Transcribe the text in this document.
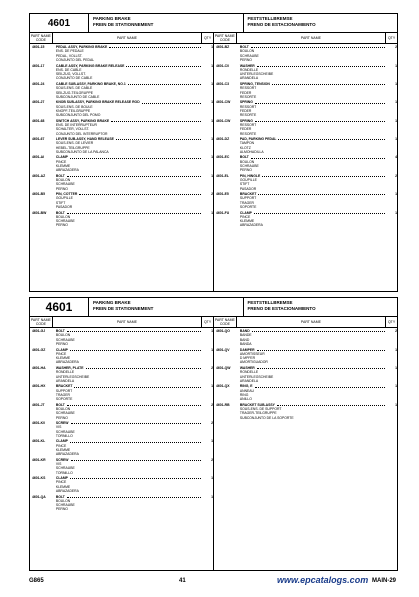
4601	PARKING BRAKE
FREIN DE STATIONNEMENT
FESTSTELLBREMSE
FRENO DE ESTACIONAMIENTO
PART NAME CODE	PART NAME	QTY	PART NAME CODE	PART NAME	QTY
4601-15	PEDAL ASSY, PARKING BRAKE
ENS. DE PEDALE
PEDAL, VOLLST.
CONJUNTO DEL PEDAL
1
4601-17	CABLE ASSY, PARKING BRAKE RELEASE
ENS. DE CABLE
SEILZUG, VOLLST.
CONJUNTO DE CABLE
1
4601-24	CABLE SUB-ASSY, PARKING BRAKE, NO.1
SOUS-ENS. DE CABLE
SEILZUG-TEILGRUPPE
SUBCONJUNTO DE CABLE
1
4601-27	KNOB SUB-ASSY, PARKING BRAKE RELEASE ROD
SOUS-ENS. DE BOULE
KNOPF-TEILGRUPPE
SUBCONJUNTO DEL POMO
1
4601-68	SWITCH ASSY, PARKING BRAKE
ENS. DE INTERRUPTEUR
SCHALTER, VOLLST.
CONJUNTO DEL INTERRUPTOR
1
4601-67	LEVER SUB-ASSY, HAND RELEASE
SOUS-ENS. DE LEVIER
HEBEL-TEILGRUPPE
SUBCONJUNTO DE LA PALANCA
1
4601-AI	CLAMP
PINCE
KLEMME
ABRAZADERA
1
4601-AZ	BOLT
BOULON
SCHRAUBE
PERNO
1
4601-B5	PIN, COTTER
GOUPILLE
STIFT
PASADOR
2
4601-BW	BOLT
BOULON
SCHRAUBE
PERNO
1
4601-BZ	BOLT
BOULON
SCHRAUBE
PERNO
2
4601-C0	WASHER
RONDELLE
UNTERLEGSCHEIBE
ARANDELA
1
4601-C3	SPRING, TENSION
RESSORT
FEDER
RESORTE
1
4601-CW	SPRING
RESSORT
FEDER
RESORTE
1
4601-CW	SPRING
RESSORT
FEDER
RESORTE
1
4601-DZ	PAD, PARKING PEDAL
TAMPON
KLOTZ
ALMOHADILLA
1
4601-EC	BOLT
BOULON
SCHRAUBE
PERNO
4
4601-EL	PIN, HINGLE
GOUPILLE
STIFT
PASADOR
2
4601-E5	BRACKET
SUPPORT
TRAGER
SOPORTE
1
4601-FU	CLAMP
PINCE
KLEMME
ABRAZADERA
1
4601	PARKING BRAKE
FREIN DE STATIONNEMENT
FESTSTELLBREMSE
FRENO DE ESTACIONAMIENTO
PART NAME CODE	PART NAME	QTY	PART NAME CODE	PART NAME	QTY
4601-GJ	BOLT
BOULON
SCHRAUBE
PERNO
1
4601-GZ	CLAMP
PINCE
KLEMME
ABRAZADERA
1
4601-HA	WASHER, PLATE
RONDELLE
UNTERLEGSCHEIBE
ARANDELA
2
4601-HX	BRACKET
SUPPORT
TRAGER
SOPORTE
1
4601-JT	BOLT
BOULON
SCHRAUBE
PERNO
2
4601-K0	SCREW
VIS
SCHRAUBE
TORNILLO
2
4601-KL	CLAMP
PINCE
KLEMME
ABRAZADERA
1
4601-KR	SCREW
VIS
SCHRAUBE
TORNILLO
2
4601-KS	CLAMP
PINCE
KLEMME
ABRAZADERA
1
4601-QA	BOLT
BOULON
SCHRAUBE
PERNO
1
4601-QO	BAND
BANDE
BAND
BANDA
2
4601-QV	DAMPER
AMORTISSEUR
D MPFER
AMORTIGUADOR
1
4601-QW	WASHER
RONDELLE
UNTERLEGSCHEIBE
ARANDELA
1
4601-QX	RING, E
ANNEAU
RING
ANILLO
1
4601-RB	BRACKET SUB-ASSY
SOUS-ENS. DE SUPPORT
TRAGER-TEILGRUPPE
SUBCONJUNTO DE LA SOPORTE
1
G865	41	www.epcatalogs.com MAIN-29
